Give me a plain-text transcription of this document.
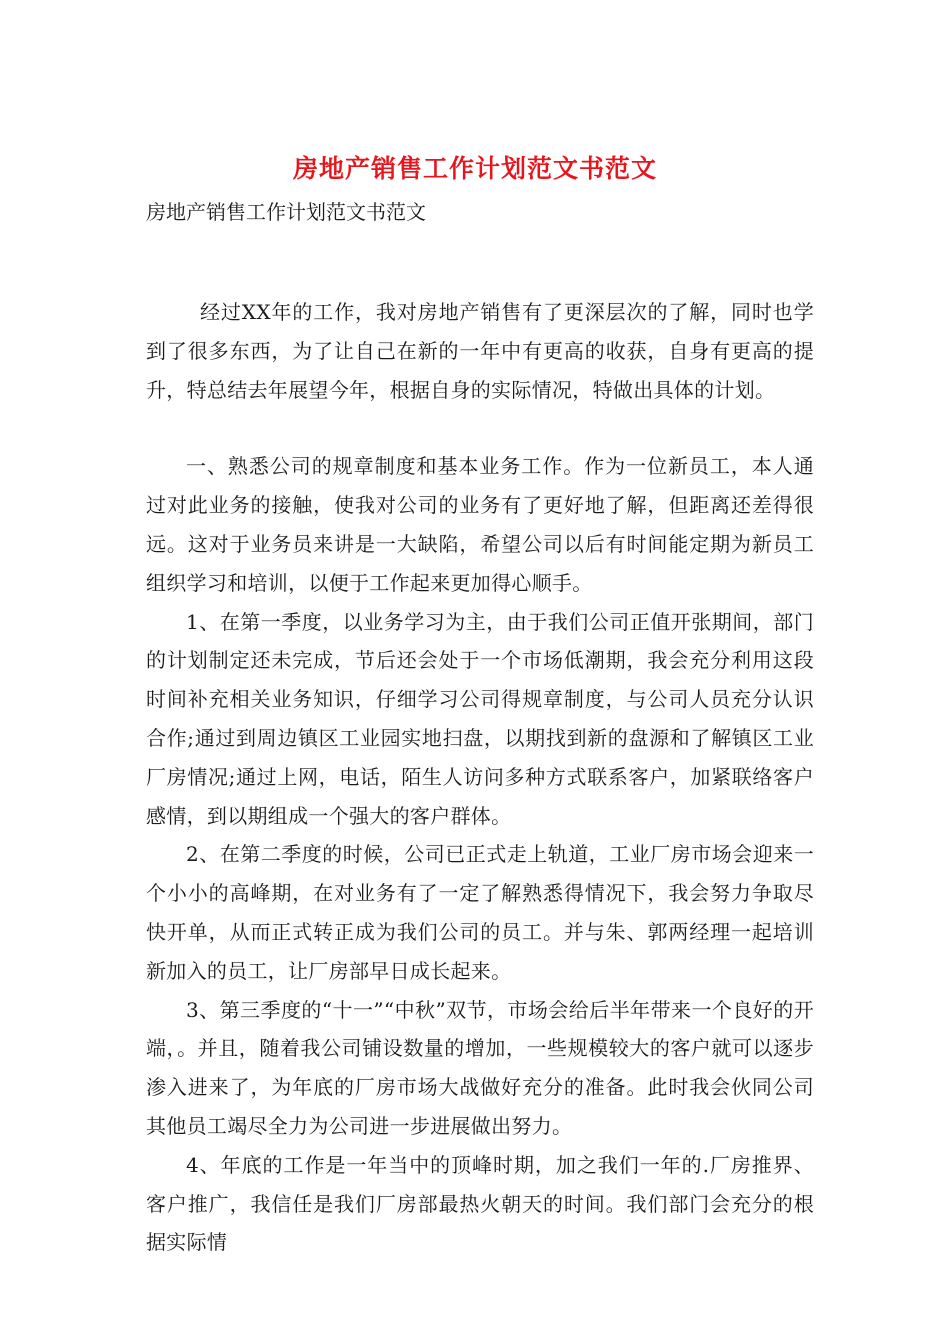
房地产销售工作计划范文书范文

房地产销售工作计划范文书范文

经过XX年的工作，我对房地产销售有了更深层次的了解，同时也学到了很多东西，为了让自己在新的一年中有更高的收获，自身有更高的提升，特总结去年展望今年，根据自身的实际情况，特做出具体的计划。

一、熟悉公司的规章制度和基本业务工作。作为一位新员工，本人通过对此业务的接触，使我对公司的业务有了更好地了解，但距离还差得很远。这对于业务员来讲是一大缺陷，希望公司以后有时间能定期为新员工组织学习和培训，以便于工作起来更加得心顺手。

1、在第一季度，以业务学习为主，由于我们公司正值开张期间，部门的计划制定还未完成，节后还会处于一个市场低潮期，我会充分利用这段时间补充相关业务知识，仔细学习公司得规章制度，与公司人员充分认识合作;通过到周边镇区工业园实地扫盘，以期找到新的盘源和了解镇区工业厂房情况;通过上网，电话，陌生人访问多种方式联系客户，加紧联络客户感情，到以期组成一个强大的客户群体。

2、在第二季度的时候，公司已正式走上轨道，工业厂房市场会迎来一个小小的高峰期，在对业务有了一定了解熟悉得情况下，我会努力争取尽快开单，从而正式转正成为我们公司的员工。并与朱、郭两经理一起培训新加入的员工，让厂房部早日成长起来。

3、第三季度的“十一”“中秋”双节，市场会给后半年带来一个良好的开端，。并且，随着我公司铺设数量的增加，一些规模较大的客户就可以逐步渗入进来了，为年底的厂房市场大战做好充分的准备。此时我会伙同公司其他员工竭尽全力为公司进一步进展做出努力。

4、年底的工作是一年当中的顶峰时期，加之我们一年的.厂房推界、客户推广，我信任是我们厂房部最热火朝天的时间。我们部门会充分的根据实际情
